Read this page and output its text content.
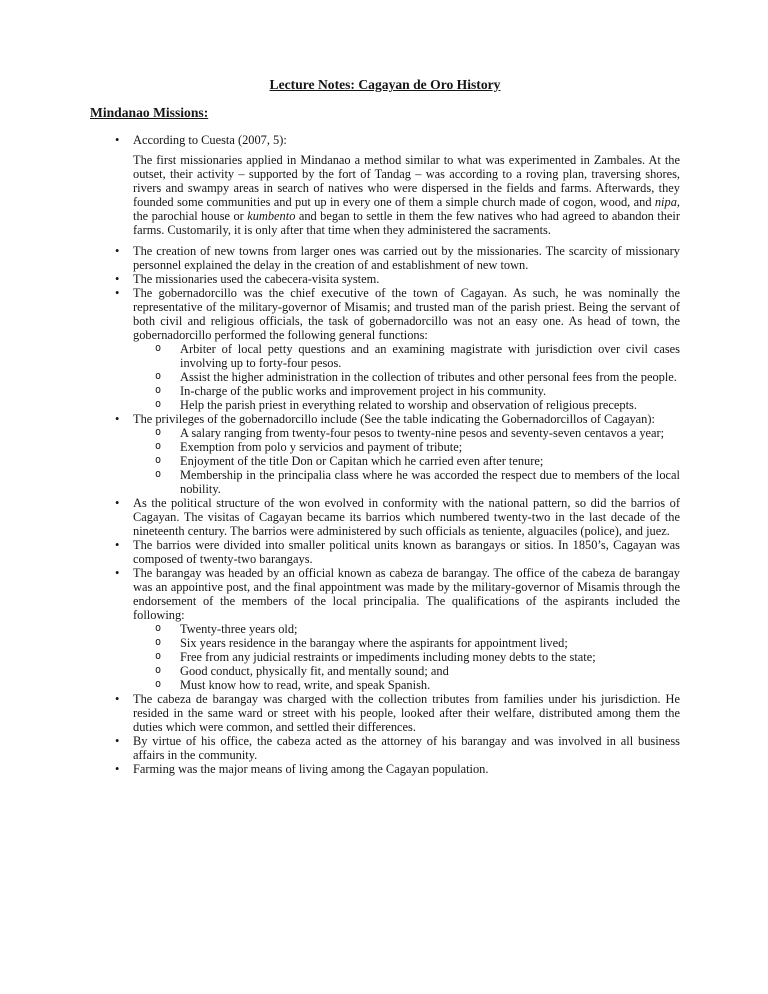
Lecture Notes: Cagayan de Oro History
Mindanao Missions:
•	According to Cuesta (2007, 5):

The first missionaries applied in Mindanao a method similar to what was experimented in Zambales. At the outset, their activity – supported by the fort of Tandag – was according to a roving plan, traversing shores, rivers and swampy areas in search of natives who were dispersed in the fields and farms. Afterwards, they founded some communities and put up in every one of them a simple church made of cogon, wood, and nipa, the parochial house or kumbento and began to settle in them the few natives who had agreed to abandon their farms. Customarily, it is only after that time when they administered the sacraments.

•	The creation of new towns from larger ones was carried out by the missionaries. The scarcity of missionary personnel explained the delay in the creation of and establishment of new town.
•	The missionaries used the cabecera-visita system.
•	The gobernadorcillo was the chief executive of the town of Cagayan. As such, he was nominally the representative of the military-governor of Misamis; and trusted man of the parish priest. Being the servant of both civil and religious officials, the task of gobernadorcillo was not an easy one. As head of town, the gobernadorcillo performed the following general functions:
o	Arbiter of local petty questions and an examining magistrate with jurisdiction over civil cases involving up to forty-four pesos.
o	Assist the higher administration in the collection of tributes and other personal fees from the people.
o	In-charge of the public works and improvement project in his community.
o	Help the parish priest in everything related to worship and observation of religious precepts.
•	The privileges of the gobernadorcillo include (See the table indicating the Gobernadorcillos of Cagayan):
o	A salary ranging from twenty-four pesos to twenty-nine pesos and seventy-seven centavos a year;
o	Exemption from polo y servicios and payment of tribute;
o	Enjoyment of the title Don or Capitan which he carried even after tenure;
o	Membership in the principalia class where he was accorded the respect due to members of the local nobility.
•	As the political structure of the won evolved in conformity with the national pattern, so did the barrios of Cagayan. The visitas of Cagayan became its barrios which numbered twenty-two in the last decade of the nineteenth century. The barrios were administered by such officials as teniente, alguaciles (police), and juez.
•	The barrios were divided into smaller political units known as barangays or sitios. In 1850’s, Cagayan was composed of twenty-two barangays.
•	The barangay was headed by an official known as cabeza de barangay. The office of the cabeza de barangay was an appointive post, and the final appointment was made by the military-governor of Misamis through the endorsement of the members of the local principalia. The qualifications of the aspirants included the following:
o	Twenty-three years old;
o	Six years residence in the barangay where the aspirants for appointment lived;
o	Free from any judicial restraints or impediments including money debts to the state;
o	Good conduct, physically fit, and mentally sound; and
o	Must know how to read, write, and speak Spanish.
•	The cabeza de barangay was charged with the collection tributes from families under his jurisdiction. He resided in the same ward or street with his people, looked after their welfare, distributed among them the duties which were common, and settled their differences.
•	By virtue of his office, the cabeza acted as the attorney of his barangay and was involved in all business affairs in the community.
•	Farming was the major means of living among the Cagayan population.
